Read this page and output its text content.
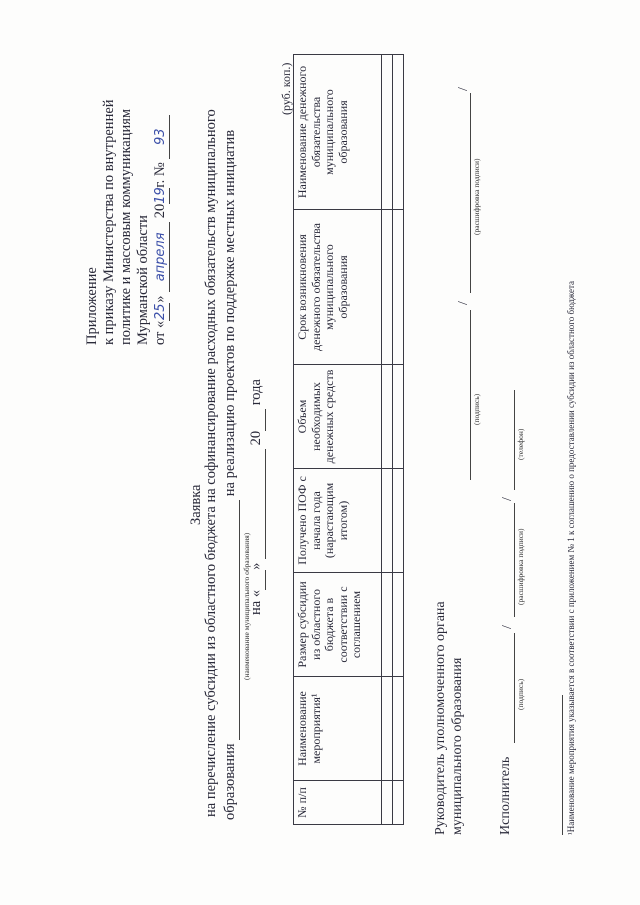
Приложение к приказу Министерства по внутренней политике и массовым коммуникациям Мурманской области от «25» апреля 2019г. № 93
Заявка на перечисление субсидии из областного бюджета на софинансирование расходных обязательств муниципального образования   на реализацию проектов по поддержке местных инициатив
(наименование муниципального образования)
на « »   20  года
(руб. коп.)
№ п/п	Наименование мероприятия¹	Размер субсидии из областного бюджета в соответствии с соглашением	Получено ПОФ с начала года (нарастающим итогом)	Объем необходимых денежных средств	Срок возникновения денежного обязательства муниципального образования	Наименование денежного обязательства муниципального образования

Руководитель уполномоченного органа муниципального образования
(подпись)
/
(расшифровка подписи)
/
Исполнитель
(подпись)
/
(расшифровка подписи)
/
(телефон)	¹Наименование мероприятия указывается в соответствии с приложением № 1 к соглашению о предоставлении субсидии из областного бюджета
